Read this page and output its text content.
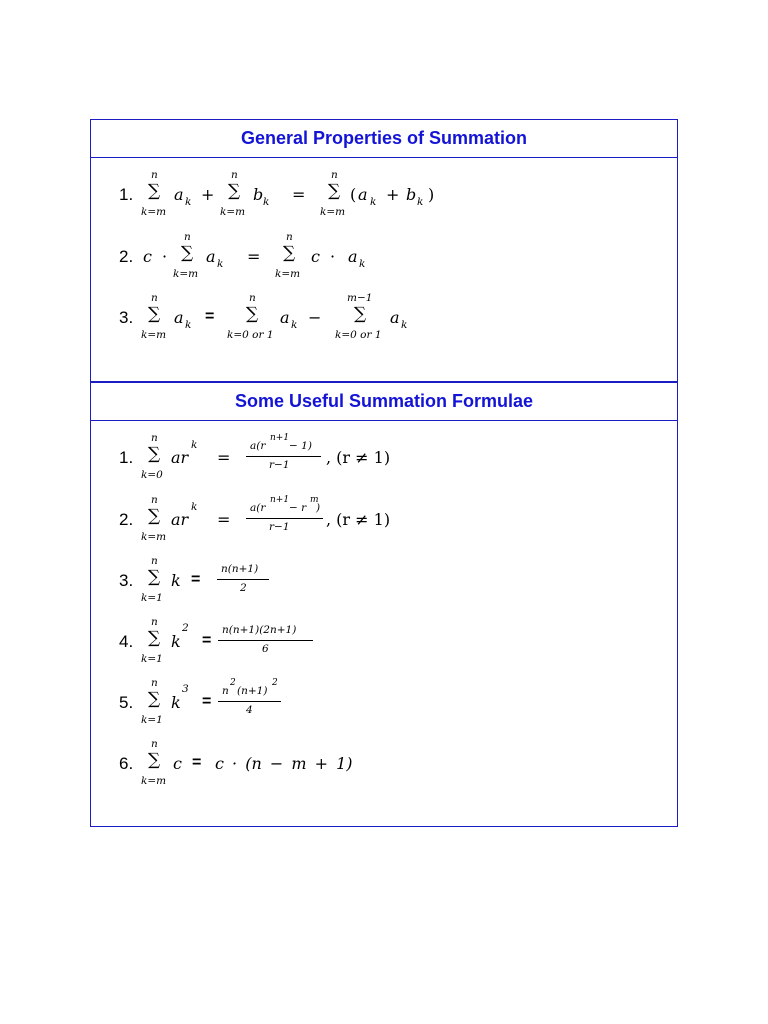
General Properties of Summation
1.
n
∑
k=m
a k +
n
∑
k=m
b k =
n
∑
k=m
( a k + b k )
2. c ·
n
∑
k=m
a k =
n
∑
k=m
c · a k
3.
n
∑
k=m
a k =
n
∑
k=0 or 1
a k −
m−1
∑
k=0 or 1
a k
Some Useful Summation Formulae
1.
n
∑
k=0
ar
k
=
a(r
n+1
− 1)
r−1 , (r ≠ 1)
2.
n
∑
k=m
ar
k
=
a(r
n+1
− r
m
)
r−1 , (r ≠ 1)
3.
n
∑
k=1
k =
n(n+1)
2
4.
n
∑
k=1
k
2
=
n(n+1)(2n+1)
6
5.
n
∑
k=1
k
3
=
n
2
(n+1)
2
4
6.
n
∑
k=m
c = c · (n − m + 1)
